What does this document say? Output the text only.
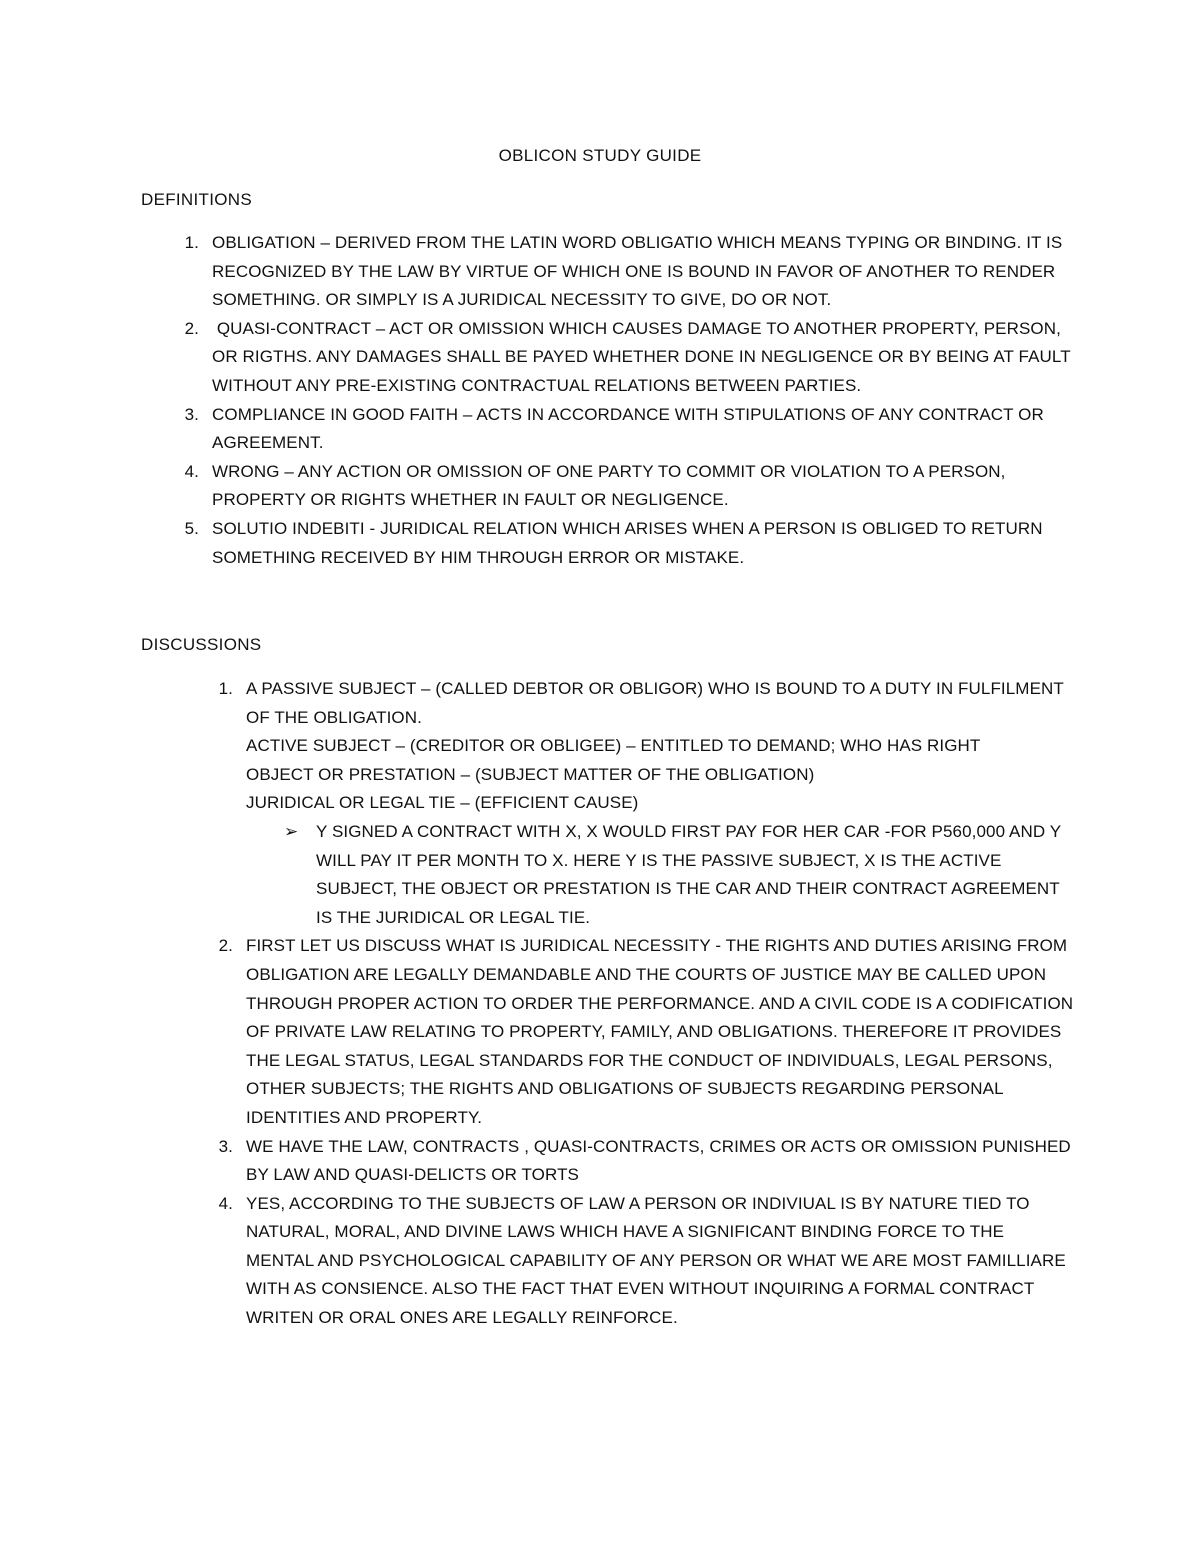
OBLICON STUDY GUIDE
DEFINITIONS
1. OBLIGATION – DERIVED FROM THE LATIN WORD OBLIGATIO WHICH MEANS TYPING OR BINDING. IT IS RECOGNIZED BY THE LAW BY VIRTUE OF WHICH ONE IS BOUND IN FAVOR OF ANOTHER TO RENDER SOMETHING. OR SIMPLY IS A JURIDICAL NECESSITY TO GIVE, DO OR NOT.
2. QUASI-CONTRACT – ACT OR OMISSION WHICH CAUSES DAMAGE TO ANOTHER PROPERTY, PERSON, OR RIGTHS. ANY DAMAGES SHALL BE PAYED WHETHER DONE IN NEGLIGENCE OR BY BEING AT FAULT WITHOUT ANY PRE-EXISTING CONTRACTUAL RELATIONS BETWEEN PARTIES.
3. COMPLIANCE IN GOOD FAITH – ACTS IN ACCORDANCE WITH STIPULATIONS OF ANY CONTRACT OR AGREEMENT.
4. WRONG – ANY ACTION OR OMISSION OF ONE PARTY TO COMMIT OR VIOLATION TO A PERSON, PROPERTY OR RIGHTS WHETHER IN FAULT OR NEGLIGENCE.
5. SOLUTIO INDEBITI - JURIDICAL RELATION WHICH ARISES WHEN A PERSON IS OBLIGED TO RETURN SOMETHING RECEIVED BY HIM THROUGH ERROR OR MISTAKE.
DISCUSSIONS
1. A PASSIVE SUBJECT – (CALLED DEBTOR OR OBLIGOR) WHO IS BOUND TO A DUTY IN FULFILMENT OF THE OBLIGATION.
ACTIVE SUBJECT – (CREDITOR OR OBLIGEE) – ENTITLED TO DEMAND; WHO HAS RIGHT
OBJECT OR PRESTATION – (SUBJECT MATTER OF THE OBLIGATION)
JURIDICAL OR LEGAL TIE – (EFFICIENT CAUSE)
➢ Y SIGNED A CONTRACT WITH X, X WOULD FIRST PAY FOR HER CAR -FOR P560,000 AND Y WILL PAY IT PER MONTH TO X. HERE Y IS THE PASSIVE SUBJECT, X IS THE ACTIVE SUBJECT, THE OBJECT OR PRESTATION IS THE CAR AND THEIR CONTRACT AGREEMENT IS THE JURIDICAL OR LEGAL TIE.
2. FIRST LET US DISCUSS WHAT IS JURIDICAL NECESSITY - THE RIGHTS AND DUTIES ARISING FROM OBLIGATION ARE LEGALLY DEMANDABLE AND THE COURTS OF JUSTICE MAY BE CALLED UPON THROUGH PROPER ACTION TO ORDER THE PERFORMANCE. AND A CIVIL CODE IS A CODIFICATION OF PRIVATE LAW RELATING TO PROPERTY, FAMILY, AND OBLIGATIONS. THEREFORE IT PROVIDES THE LEGAL STATUS, LEGAL STANDARDS FOR THE CONDUCT OF INDIVIDUALS, LEGAL PERSONS, OTHER SUBJECTS; THE RIGHTS AND OBLIGATIONS OF SUBJECTS REGARDING PERSONAL IDENTITIES AND PROPERTY.
3. WE HAVE THE LAW, CONTRACTS , QUASI-CONTRACTS, CRIMES OR ACTS OR OMISSION PUNISHED BY LAW AND QUASI-DELICTS OR TORTS
4. YES, ACCORDING TO THE SUBJECTS OF LAW A PERSON OR INDIVIUAL IS BY NATURE TIED TO NATURAL, MORAL, AND DIVINE LAWS WHICH HAVE A SIGNIFICANT BINDING FORCE TO THE MENTAL AND PSYCHOLOGICAL CAPABILITY OF ANY PERSON OR WHAT WE ARE MOST FAMILLIARE WITH AS CONSIENCE. ALSO THE FACT THAT EVEN WITHOUT INQUIRING A FORMAL CONTRACT WRITEN OR ORAL ONES ARE LEGALLY REINFORCE.
